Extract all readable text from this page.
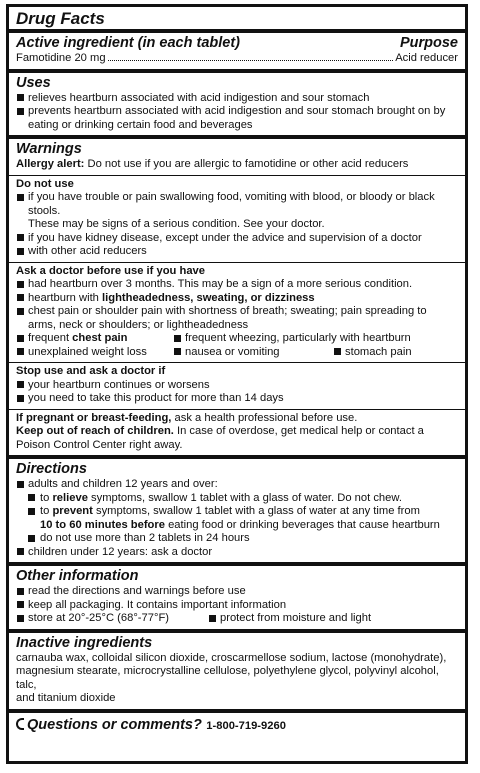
Drug Facts
Active ingredient (in each tablet)	Purpose
Famotidine 20 mg	Acid reducer
Uses
relieves heartburn associated with acid indigestion and sour stomach
prevents heartburn associated with acid indigestion and sour stomach brought on by
eating or drinking certain food and beverages
Warnings
Allergy alert: Do not use if you are allergic to famotidine or other acid reducers
Do not use
if you have trouble or pain swallowing food, vomiting with blood, or bloody or black stools.
These may be signs of a serious condition. See your doctor.
if you have kidney disease, except under the advice and supervision of a doctor
with other acid reducers
Ask a doctor before use if you have
had heartburn over 3 months. This may be a sign of a more serious condition.
heartburn with lightheadedness, sweating, or dizziness
chest pain or shoulder pain with shortness of breath; sweating; pain spreading to
arms, neck or shoulders; or lightheadedness
frequent chest pain	frequent wheezing, particularly with heartburn
unexplained weight loss	nausea or vomiting	stomach pain
Stop use and ask a doctor if
your heartburn continues or worsens
you need to take this product for more than 14 days
If pregnant or breast-feeding, ask a health professional before use.
Keep out of reach of children. In case of overdose, get medical help or contact a
Poison Control Center right away.
Directions
adults and children 12 years and over:
to relieve symptoms, swallow 1 tablet with a glass of water. Do not chew.
to prevent symptoms, swallow 1 tablet with a glass of water at any time from
10 to 60 minutes before eating food or drinking beverages that cause heartburn
do not use more than 2 tablets in 24 hours
children under 12 years: ask a doctor
Other information
read the directions and warnings before use
keep all packaging. It contains important information
store at 20°-25°C (68°-77°F)	protect from moisture and light
Inactive ingredients
carnauba wax, colloidal silicon dioxide, croscarmellose sodium, lactose (monohydrate),
magnesium stearate, microcrystalline cellulose, polyethylene glycol, polyvinyl alcohol, talc,
and titanium dioxide
Questions or comments? 1-800-719-9260
